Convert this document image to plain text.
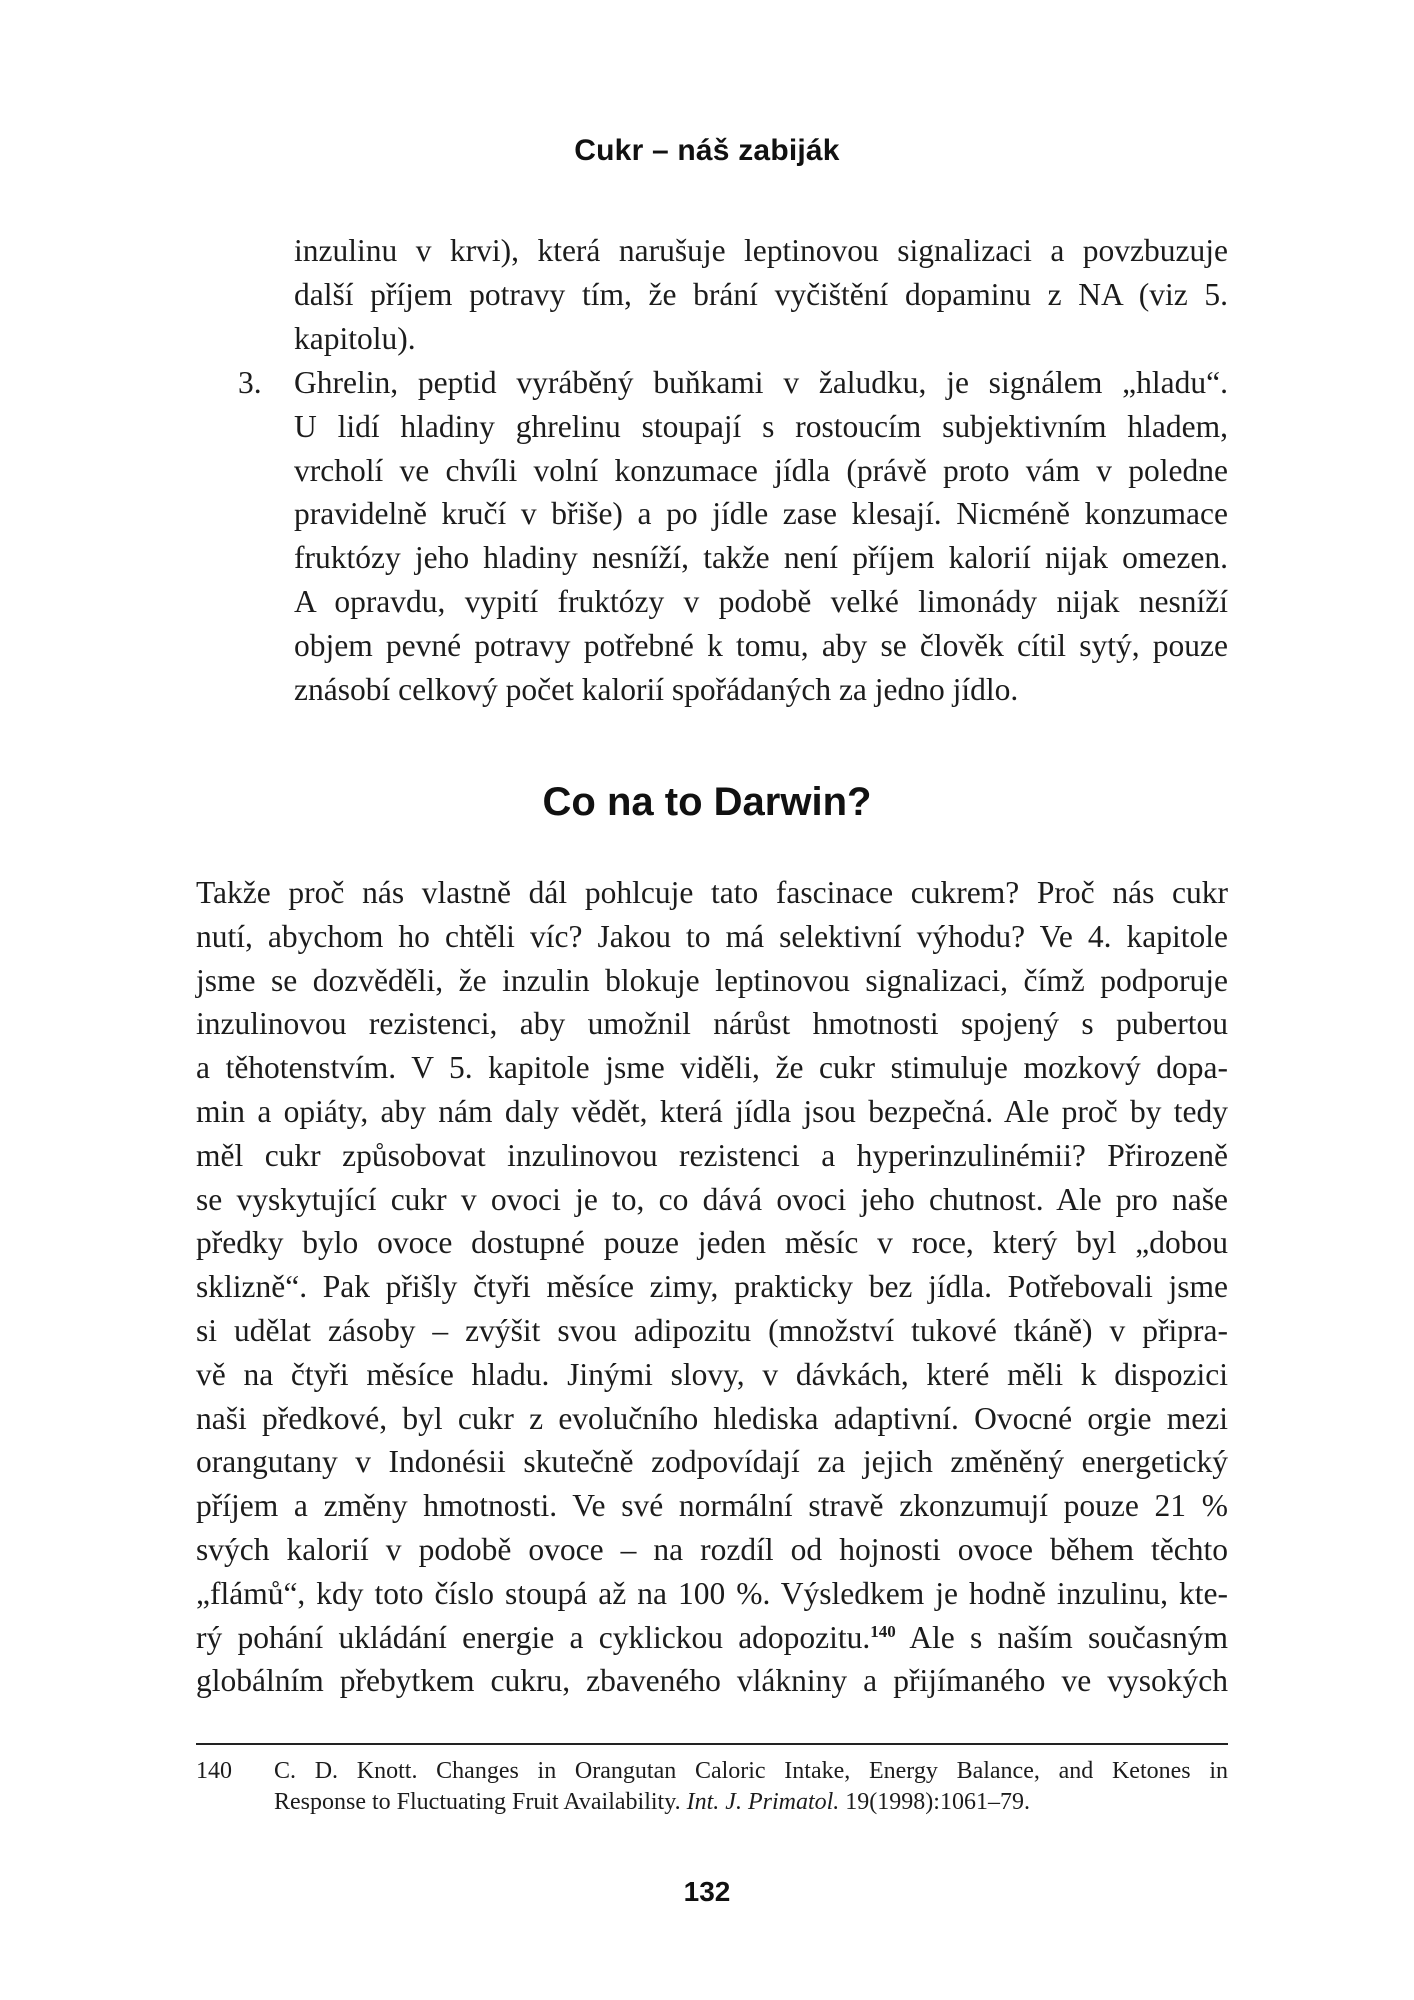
Cukr – náš zabiják
inzulinu v krvi), která narušuje leptinovou signalizaci a povzbuzuje
další příjem potravy tím, že brání vyčištění dopaminu z NA (viz 5.
kapitolu).
3.	Ghrelin, peptid vyráběný buňkami v žaludku, je signálem „hladu“.
U lidí hladiny ghrelinu stoupají s rostoucím subjektivním hladem,
vrcholí ve chvíli volní konzumace jídla (právě proto vám v poledne
pravidelně kručí v břiše) a po jídle zase klesají. Nicméně konzumace
fruktózy jeho hladiny nesníží, takže není příjem kalorií nijak omezen.
A opravdu, vypití fruktózy v podobě velké limonády nijak nesníží
objem pevné potravy potřebné k tomu, aby se člověk cítil sytý, pouze
znásobí celkový počet kalorií spořádaných za jedno jídlo.
Co na to Darwin?
Takže proč nás vlastně dál pohlcuje tato fascinace cukrem? Proč nás cukr
nutí, abychom ho chtěli víc? Jakou to má selektivní výhodu? Ve 4. kapitole
jsme se dozvěděli, že inzulin blokuje leptinovou signalizaci, čímž podporuje
inzulinovou rezistenci, aby umožnil nárůst hmotnosti spojený s pubertou
a těhotenstvím. V 5. kapitole jsme viděli, že cukr stimuluje mozkový dopa-
min a opiáty, aby nám daly vědět, která jídla jsou bezpečná. Ale proč by tedy
měl cukr způsobovat inzulinovou rezistenci a hyperinzulinémii? Přirozeně
se vyskytující cukr v ovoci je to, co dává ovoci jeho chutnost. Ale pro naše
předky bylo ovoce dostupné pouze jeden měsíc v roce, který byl „dobou
sklizně“. Pak přišly čtyři měsíce zimy, prakticky bez jídla. Potřebovali jsme
si udělat zásoby – zvýšit svou adipozitu (množství tukové tkáně) v připra-
vě na čtyři měsíce hladu. Jinými slovy, v dávkách, které měli k dispozici
naši předkové, byl cukr z evolučního hlediska adaptivní. Ovocné orgie mezi
orangutany v Indonésii skutečně zodpovídají za jejich změněný energetický
příjem a změny hmotnosti. Ve své normální stravě zkonzumují pouze 21 %
svých kalorií v podobě ovoce – na rozdíl od hojnosti ovoce během těchto
„flámů“, kdy toto číslo stoupá až na 100 %. Výsledkem je hodně inzulinu, kte-
rý pohání ukládání energie a cyklickou adopozitu.$^{140}$ Ale s naším současným
globálním přebytkem cukru, zbaveného vlákniny a přijímaného ve vysokých
140 C. D. Knott. Changes in Orangutan Caloric Intake, Energy Balance, and Ketones in
Response to Fluctuating Fruit Availability. Int. J. Primatol. 19(1998):1061–79.
132
